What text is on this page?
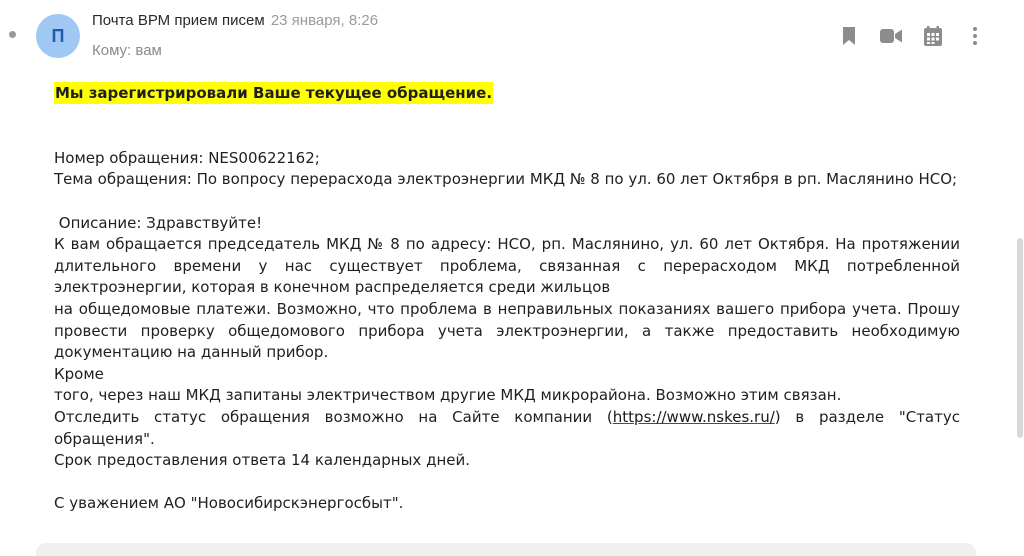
П
Почта ВРМ прием писем 23 января, 8:26
Кому: вам
Мы зарегистрировали Ваше текущее обращение.
Номер обращения: NES00622162;
Тема обращения: По вопросу перерасхода электроэнергии МКД № 8 по ул. 60 лет Октября в рп. Маслянино НСО;
Описание: Здравствуйте!
К вам обращается председатель МКД № 8 по адресу: НСО, рп. Маслянино, ул. 60 лет Октября. На протяжении длительного времени у нас существует проблема, связанная с перерасходом МКД потребленной электроэнергии, которая в конечном распределяется среди жильцов
на общедомовые платежи. Возможно, что проблема в неправильных показаниях вашего прибора учета. Прошу провести проверку общедомового прибора учета электроэнергии, а также предоставить необходимую документацию на данный прибор.
Кроме
того, через наш МКД запитаны электричеством другие МКД микрорайона. Возможно этим связан.
Отследить статус обращения возможно на Сайте компании (https://www.nskes.ru/) в разделе "Статус обращения".
Срок предоставления ответа 14 календарных дней.
С уважением АО "Новосибирскэнергосбыт".
